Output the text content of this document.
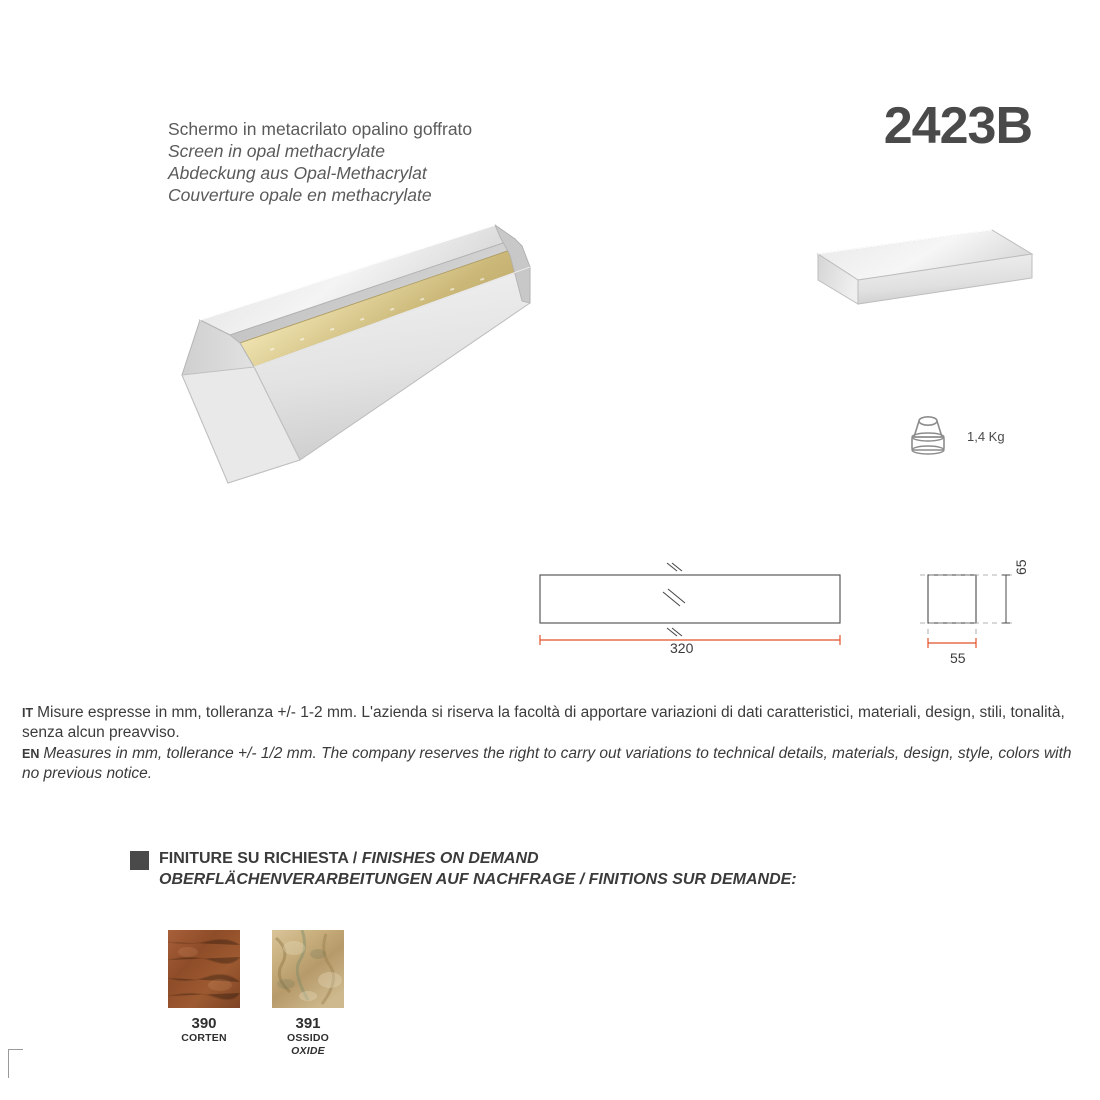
Schermo in metacrilato opalino goffrato
Screen in opal methacrylate
Abdeckung aus Opal-Methacrylat
Couverture opale en methacrylate
2423B
1,4 Kg
320
55
65
IT Misure espresse in mm, tolleranza +/- 1-2 mm. L'azienda si riserva la facoltà di apportare variazioni di dati caratteristici, materiali, design, stili, tonalità, senza alcun preavviso.
EN Measures in mm, tollerance +/- 1/2 mm. The company reserves the right to carry out variations to technical details, materials, design, style, colors with no previous notice.
FINITURE SU RICHIESTA / FINISHES ON DEMAND
OBERFLÄCHENVERARBEITUNGEN AUF NACHFRAGE / FINITIONS SUR DEMANDE:
390
CORTEN
391
OSSIDO
OXIDE
